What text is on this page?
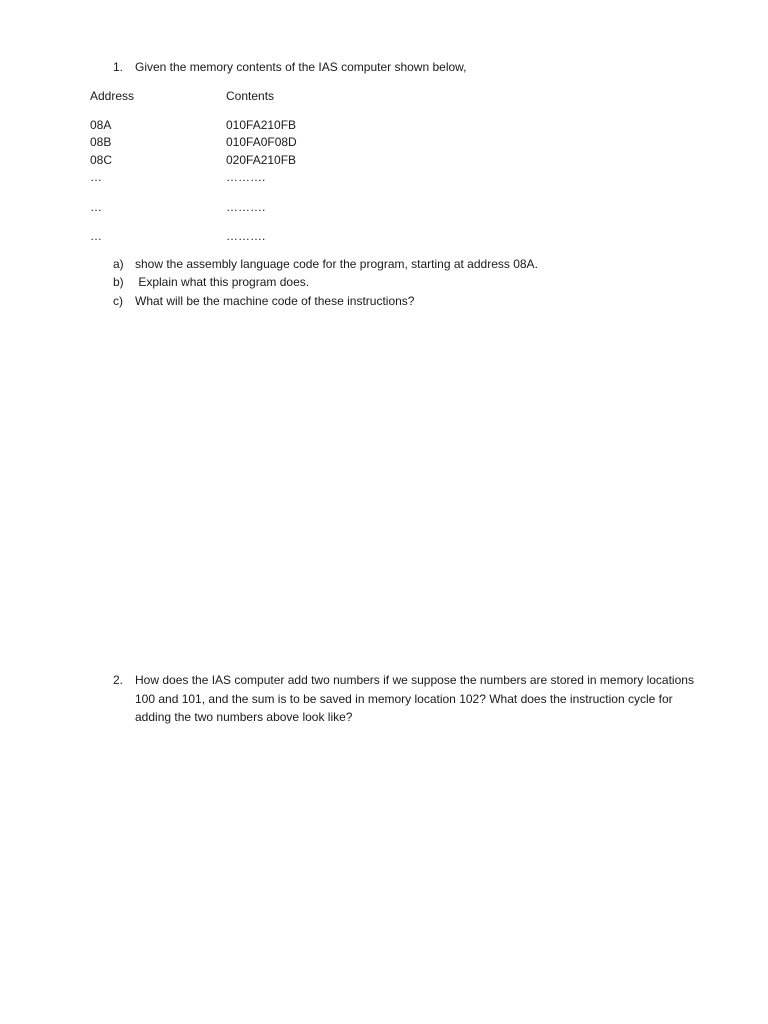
1. Given the memory contents of the IAS computer shown below,
Address	Contents
08A	010FA210FB
08B	010FA0F08D
08C	020FA210FB
…	……….
…	……….
…	……….
a) show the assembly language code for the program, starting at address 08A.
b) Explain what this program does.
c) What will be the machine code of these instructions?
2. How does the IAS computer add two numbers if we suppose the numbers are stored in memory locations 100 and 101, and the sum is to be saved in memory location 102? What does the instruction cycle for adding the two numbers above look like?
